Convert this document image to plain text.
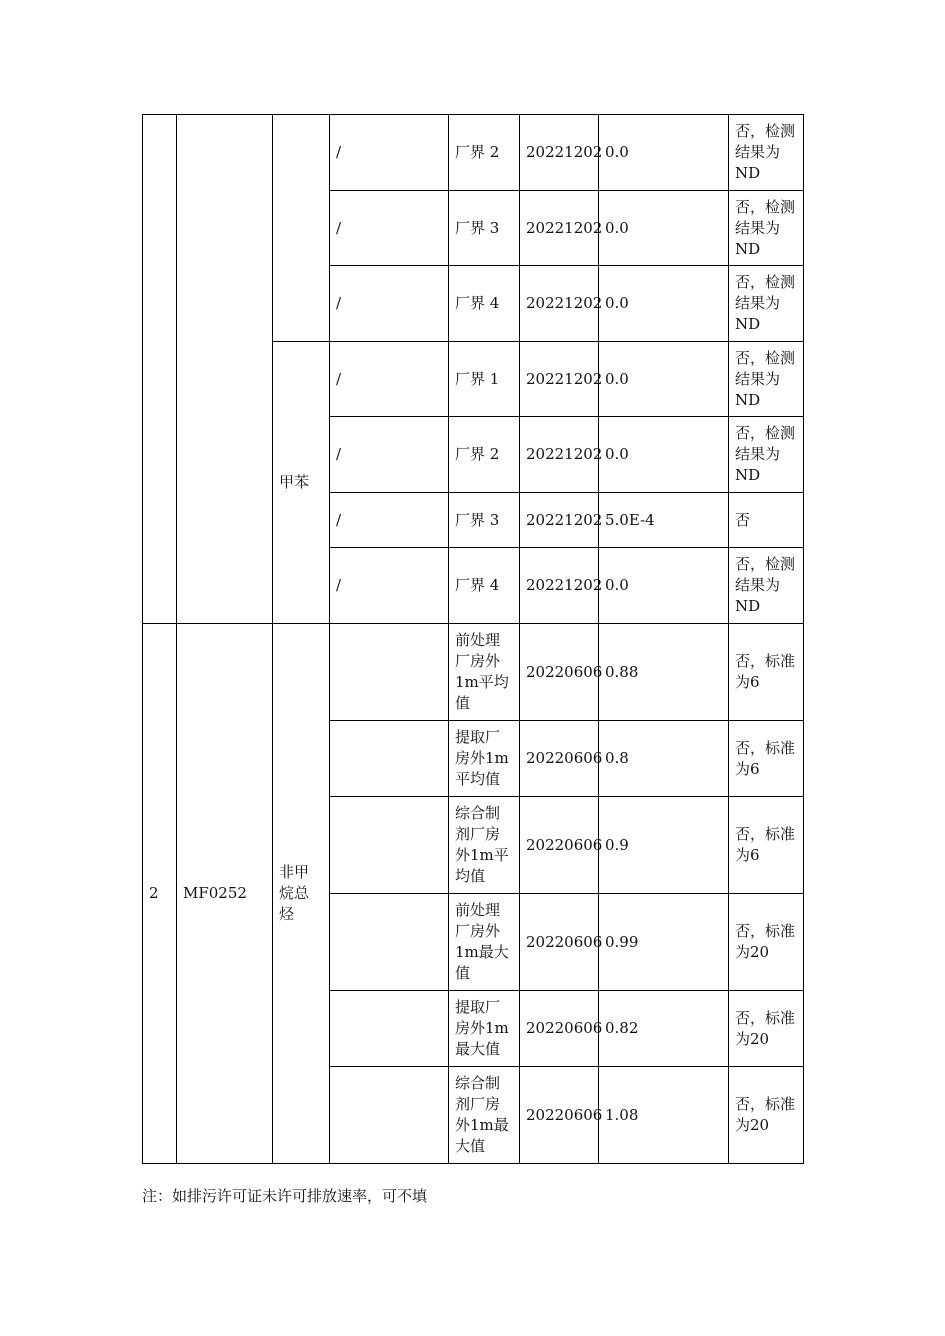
			/	厂界 2	20221202	0.0	否，检测结果为ND
			/	厂界 3	20221202	0.0	否，检测结果为ND
			/	厂界 4	20221202	0.0	否，检测结果为ND
		甲苯	/	厂界 1	20221202	0.0	否，检测结果为ND
			/	厂界 2	20221202	0.0	否，检测结果为ND
			/	厂界 3	20221202	5.0E-4	否
			/	厂界 4	20221202	0.0	否，检测结果为ND
2	MF0252	非甲烷总烃		前处理厂房外1m平均值	20220606	0.88	否，标准为6
				提取厂房外1m平均值	20220606	0.8	否，标准为6
				综合制剂厂房外1m平均值	20220606	0.9	否，标准为6
				前处理厂房外1m最大值	20220606	0.99	否，标准为20
				提取厂房外1m最大值	20220606	0.82	否，标准为20
				综合制剂厂房外1m最大值	20220606	1.08	否，标准为20
注：如排污许可证未许可排放速率，可不填
